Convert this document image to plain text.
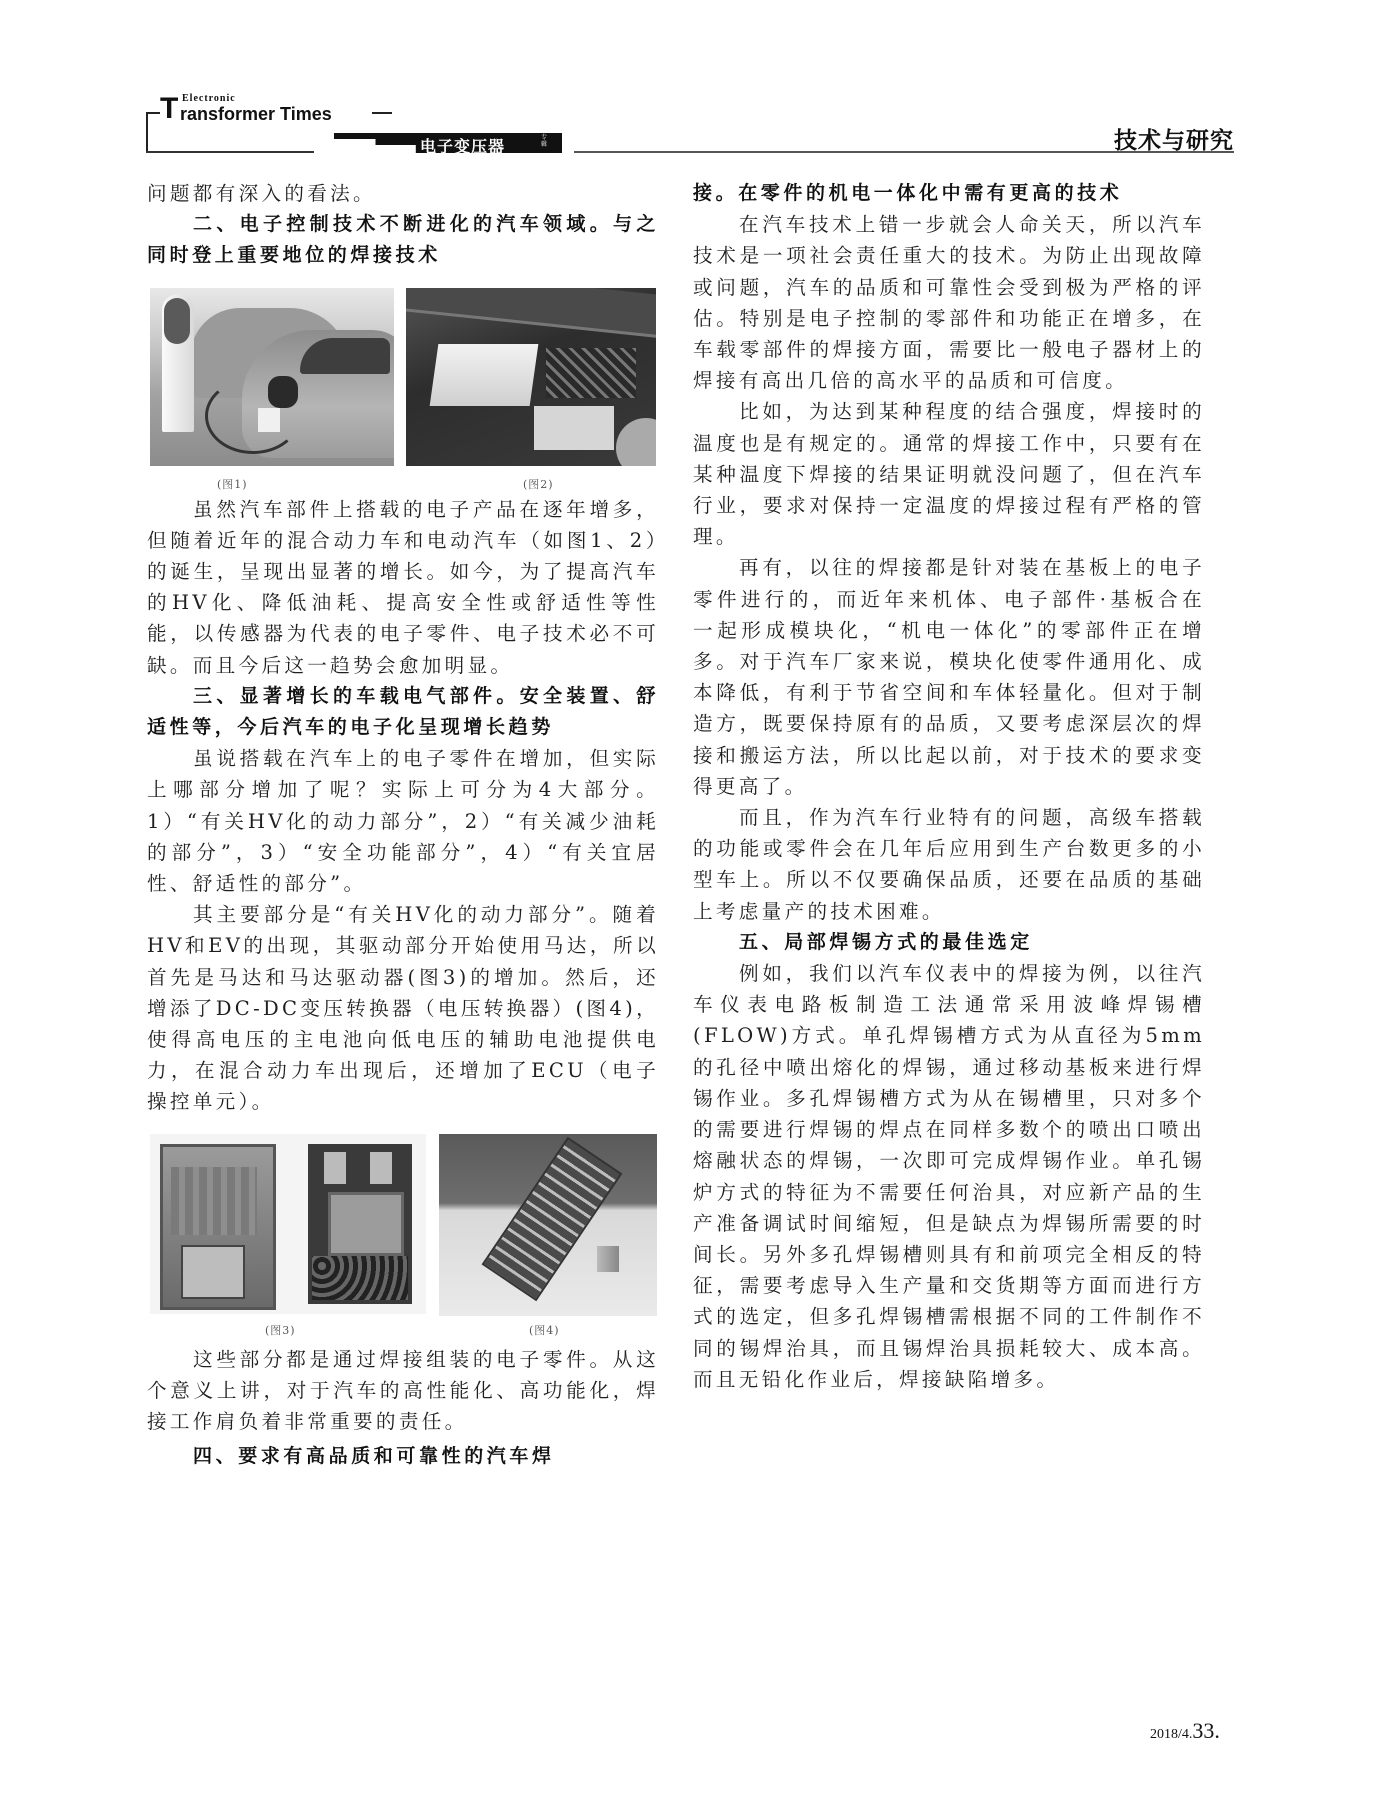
T Electronic
ransformer Times
电子变压器	专辑	技术与研究

问题都有深入的看法。

二、电子控制技术不断进化的汽车领域。与之同时登上重要地位的焊接技术

(图1)	(图2)

虽然汽车部件上搭载的电子产品在逐年增多，但随着近年的混合动力车和电动汽车（如图1、2）的诞生，呈现出显著的增长。如今，为了提高汽车的HV化、降低油耗、提高安全性或舒适性等性能，以传感器为代表的电子零件、电子技术必不可缺。而且今后这一趋势会愈加明显。

三、显著增长的车载电气部件。安全装置、舒适性等，今后汽车的电子化呈现增长趋势

虽说搭载在汽车上的电子零件在增加，但实际上哪部分增加了呢？实际上可分为4大部分。1）“有关HV化的动力部分”，2）“有关减少油耗的部分”，3）“安全功能部分”，4）“有关宜居性、舒适性的部分”。

其主要部分是“有关HV化的动力部分”。随着HV和EV的出现，其驱动部分开始使用马达，所以首先是马达和马达驱动器(图3)的增加。然后，还增添了DC-DC变压转换器（电压转换器）(图4)，使得高电压的主电池向低电压的辅助电池提供电力，在混合动力车出现后，还增加了ECU（电子操控单元）。

(图3)	(图4)

这些部分都是通过焊接组装的电子零件。从这个意义上讲，对于汽车的高性能化、高功能化，焊接工作肩负着非常重要的责任。

四、要求有高品质和可靠性的汽车焊

接。在零件的机电一体化中需有更高的技术

在汽车技术上错一步就会人命关天，所以汽车技术是一项社会责任重大的技术。为防止出现故障或问题，汽车的品质和可靠性会受到极为严格的评估。特别是电子控制的零部件和功能正在增多，在车载零部件的焊接方面，需要比一般电子器材上的焊接有高出几倍的高水平的品质和可信度。

比如，为达到某种程度的结合强度，焊接时的温度也是有规定的。通常的焊接工作中，只要有在某种温度下焊接的结果证明就没问题了，但在汽车行业，要求对保持一定温度的焊接过程有严格的管理。

再有，以往的焊接都是针对装在基板上的电子零件进行的，而近年来机体、电子部件·基板合在一起形成模块化，“机电一体化”的零部件正在增多。对于汽车厂家来说，模块化使零件通用化、成本降低，有利于节省空间和车体轻量化。但对于制造方，既要保持原有的品质，又要考虑深层次的焊接和搬运方法，所以比起以前，对于技术的要求变得更高了。

而且，作为汽车行业特有的问题，高级车搭载的功能或零件会在几年后应用到生产台数更多的小型车上。所以不仅要确保品质，还要在品质的基础上考虑量产的技术困难。

五、局部焊锡方式的最佳选定

例如，我们以汽车仪表中的焊接为例，以往汽车仪表电路板制造工法通常采用波峰焊锡槽(FLOW)方式。单孔焊锡槽方式为从直径为5mm的孔径中喷出熔化的焊锡，通过移动基板来进行焊锡作业。多孔焊锡槽方式为从在锡槽里，只对多个的需要进行焊锡的焊点在同样多数个的喷出口喷出熔融状态的焊锡，一次即可完成焊锡作业。单孔锡炉方式的特征为不需要任何治具，对应新产品的生产准备调试时间缩短，但是缺点为焊锡所需要的时间长。另外多孔焊锡槽则具有和前项完全相反的特征，需要考虑导入生产量和交货期等方面而进行方式的选定，但多孔焊锡槽需根据不同的工件制作不同的锡焊治具，而且锡焊治具损耗较大、成本高。而且无铅化作业后，焊接缺陷增多。

2018/4.33.
